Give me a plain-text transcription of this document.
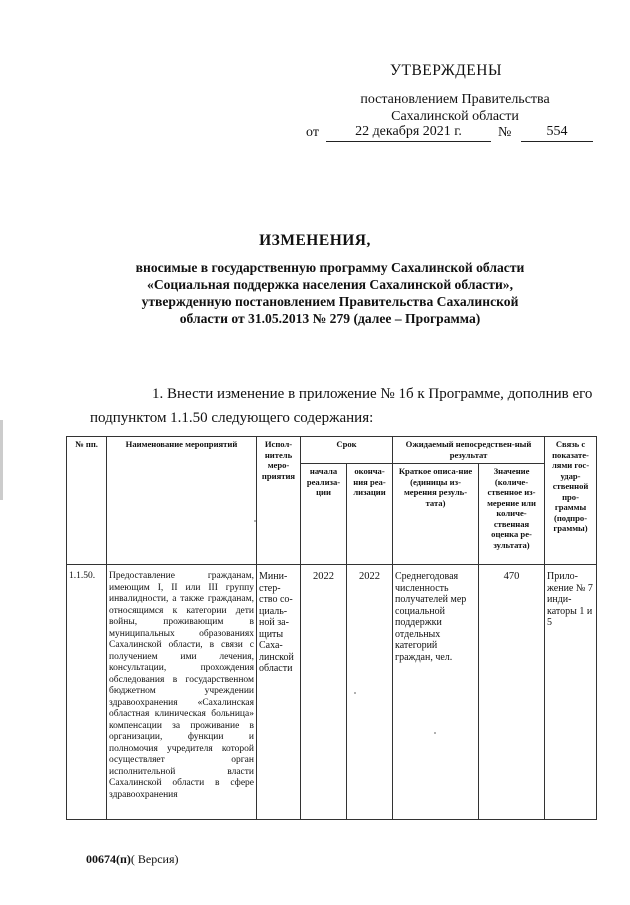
УТВЕРЖДЕНЫ
постановлением Правительства
Сахалинской области
от	22 декабря 2021 г.	№	554
ИЗМЕНЕНИЯ,
вносимые в государственную программу Сахалинской области
«Социальная поддержка населения Сахалинской области»,
утвержденную постановлением Правительства Сахалинской
области от 31.05.2013 № 279 (далее – Программа)
1. Внести изменение в приложение № 1б к Программе, дополнив его
подпунктом 1.1.50 следующего содержания:
№ пп.	Наименование мероприятий	Испол-нитель меро-приятия	Срок		Ожидаемый непосредствен-ный результат		Связь с показате-лями гос-удар-ственной про-граммы (подпро-граммы)
			начала реализа-ции	оконча-ния реа-лизации	Краткое описа-ние (единицы из-мерения резуль-тата)	Значение (количе-ственное из-мерение или количе-ственная оценка ре-зультата)	
1.1.50.	Предоставление гражданам, имеющим I, II или III группу инвалидности, а также гражданам, относящимся к категории дети войны, проживающим в муниципальных образованиях Сахалинской области, в связи с получением ими лечения, консультации, прохождения обследования в государственном бюджетном учреждении здравоохранения «Сахалинская областная клиническая больница» компенсации за проживание в организации, функции и полномочия учредителя которой осуществляет орган исполнительной власти Сахалинской области в сфере здравоохранения	Мини-стер-ство со-циаль-ной за-щиты Саха-линской области	2022	2022	Среднегодовая численность получателей мер социальной поддержки отдельных категорий граждан, чел.	470	Прило-жение № 7 инди-каторы 1 и 5
00674(п)( Версия)
